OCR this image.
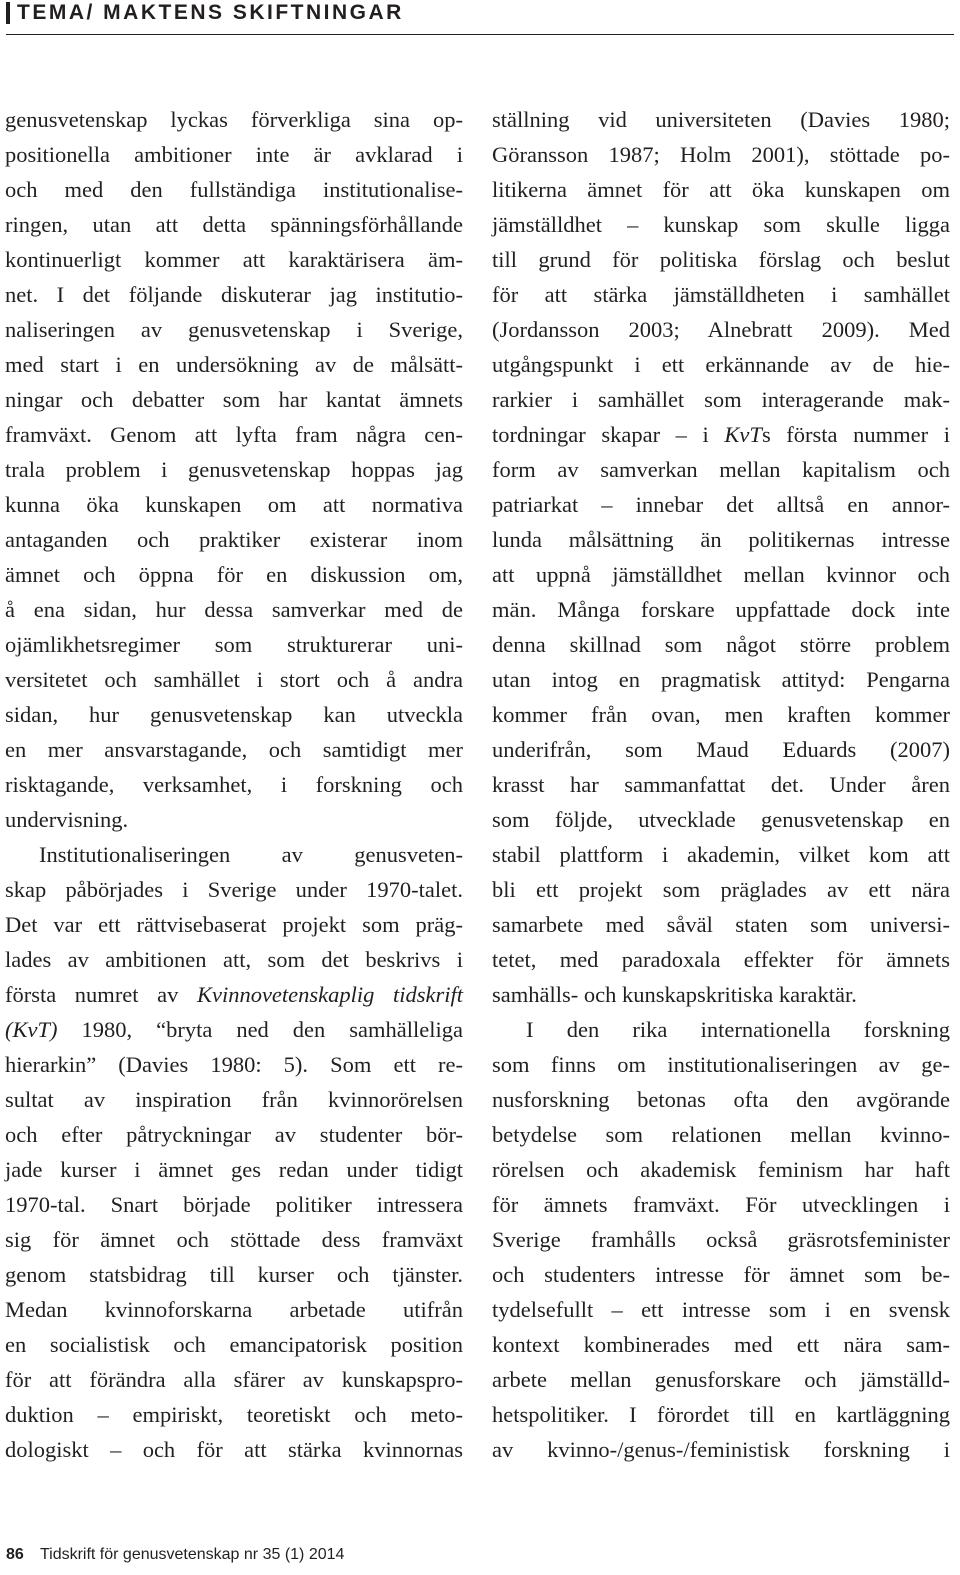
TEMA/ MAKTENS SKIFTNINGAR
genusvetenskap lyckas förverkliga sina op-
positionella ambitioner inte är avklarad i
och med den fullständiga institutionalise-
ringen, utan att detta spänningsförhållande
kontinuerligt kommer att karaktärisera äm-
net. I det följande diskuterar jag institutio-
naliseringen av genusvetenskap i Sverige,
med start i en undersökning av de målsätt-
ningar och debatter som har kantat ämnets
framväxt. Genom att lyfta fram några cen-
trala problem i genusvetenskap hoppas jag
kunna öka kunskapen om att normativa
antaganden och praktiker existerar inom
ämnet och öppna för en diskussion om,
å ena sidan, hur dessa samverkar med de
ojämlikhetsregimer som strukturerar uni-
versitetet och samhället i stort och å andra
sidan, hur genusvetenskap kan utveckla
en mer ansvarstagande, och samtidigt mer
risktagande, verksamhet, i forskning och
undervisning.
Institutionaliseringen av genusveten-
skap påbörjades i Sverige under 1970-talet.
Det var ett rättvisebaserat projekt som präg-
lades av ambitionen att, som det beskrivs i
första numret av Kvinnovetenskaplig tidskrift
(KvT) 1980, “bryta ned den samhälleliga
hierarkin” (Davies 1980: 5). Som ett re-
sultat av inspiration från kvinnorörelsen
och efter påtryckningar av studenter bör-
jade kurser i ämnet ges redan under tidigt
1970-tal. Snart började politiker intressera
sig för ämnet och stöttade dess framväxt
genom statsbidrag till kurser och tjänster.
Medan kvinnoforskarna arbetade utifrån
en socialistisk och emancipatorisk position
för att förändra alla sfärer av kunskapspro-
duktion – empiriskt, teoretiskt och meto-
dologiskt – och för att stärka kvinnornas
ställning vid universiteten (Davies 1980;
Göransson 1987; Holm 2001), stöttade po-
litikerna ämnet för att öka kunskapen om
jämställdhet – kunskap som skulle ligga
till grund för politiska förslag och beslut
för att stärka jämställdheten i samhället
(Jordansson 2003; Alnebratt 2009). Med
utgångspunkt i ett erkännande av de hie-
rarkier i samhället som interagerande mak-
tordningar skapar – i KvTs första nummer i
form av samverkan mellan kapitalism och
patriarkat – innebar det alltså en annor-
lunda målsättning än politikernas intresse
att uppnå jämställdhet mellan kvinnor och
män. Många forskare uppfattade dock inte
denna skillnad som något större problem
utan intog en pragmatisk attityd: Pengarna
kommer från ovan, men kraften kommer
underifrån, som Maud Eduards (2007)
krasst har sammanfattat det. Under åren
som följde, utvecklade genusvetenskap en
stabil plattform i akademin, vilket kom att
bli ett projekt som präglades av ett nära
samarbete med såväl staten som universi-
tetet, med paradoxala effekter för ämnets
samhälls- och kunskapskritiska karaktär.
I den rika internationella forskning
som finns om institutionaliseringen av ge-
nusforskning betonas ofta den avgörande
betydelse som relationen mellan kvinno-
rörelsen och akademisk feminism har haft
för ämnets framväxt. För utvecklingen i
Sverige framhålls också gräsrotsfeminister
och studenters intresse för ämnet som be-
tydelsefullt – ett intresse som i en svensk
kontext kombinerades med ett nära sam-
arbete mellan genusforskare och jämställd-
hetspolitiker. I förordet till en kartläggning
av kvinno-/genus-/feministisk forskning i
86 Tidskrift för genusvetenskap nr 35 (1) 2014
